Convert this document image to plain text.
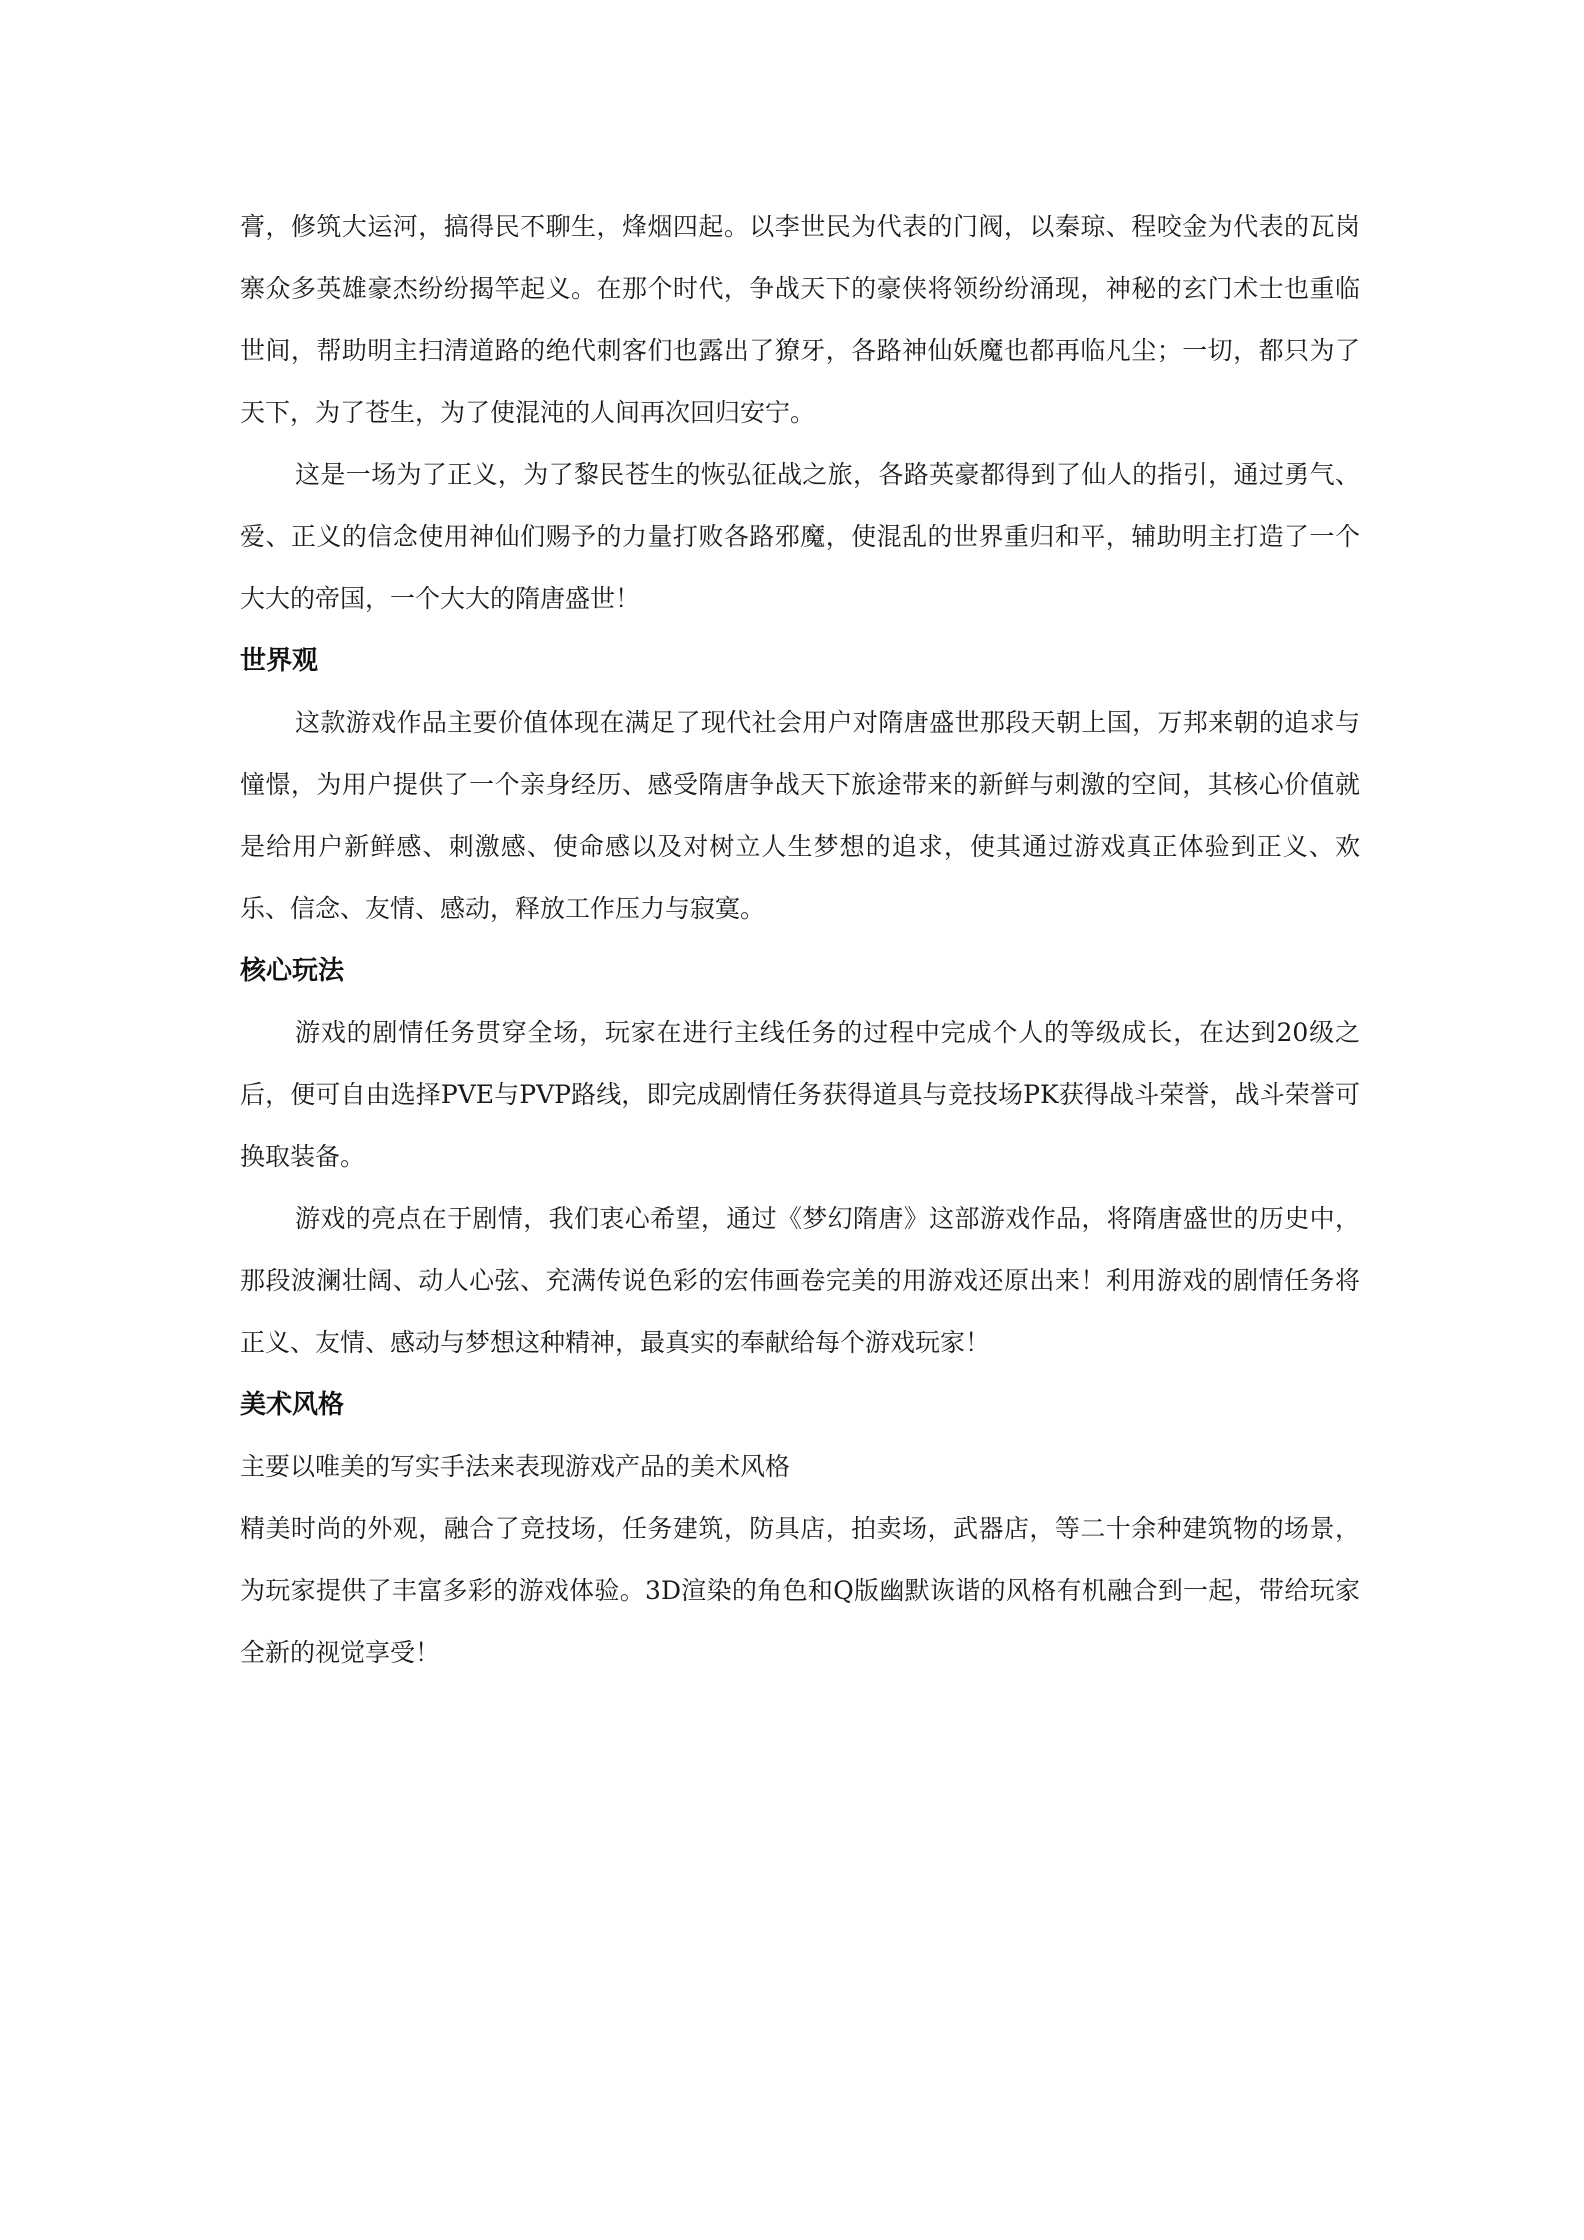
膏，修筑大运河，搞得民不聊生，烽烟四起。以李世民为代表的门阀，以秦琼、程咬金为代表的瓦岗寨众多英雄豪杰纷纷揭竿起义。在那个时代，争战天下的豪侠将领纷纷涌现，神秘的玄门术士也重临世间，帮助明主扫清道路的绝代刺客们也露出了獠牙，各路神仙妖魔也都再临凡尘；一切，都只为了天下，为了苍生，为了使混沌的人间再次回归安宁。

这是一场为了正义，为了黎民苍生的恢弘征战之旅，各路英豪都得到了仙人的指引，通过勇气、爱、正义的信念使用神仙们赐予的力量打败各路邪魔，使混乱的世界重归和平，辅助明主打造了一个大大的帝国，一个大大的隋唐盛世！

世界观

这款游戏作品主要价值体现在满足了现代社会用户对隋唐盛世那段天朝上国，万邦来朝的追求与憧憬，为用户提供了一个亲身经历、感受隋唐争战天下旅途带来的新鲜与刺激的空间，其核心价值就是给用户新鲜感、刺激感、使命感以及对树立人生梦想的追求，使其通过游戏真正体验到正义、欢乐、信念、友情、感动，释放工作压力与寂寞。

核心玩法

游戏的剧情任务贯穿全场，玩家在进行主线任务的过程中完成个人的等级成长，在达到20级之后，便可自由选择PVE与PVP路线，即完成剧情任务获得道具与竞技场PK获得战斗荣誉，战斗荣誉可换取装备。

游戏的亮点在于剧情，我们衷心希望，通过《梦幻隋唐》这部游戏作品，将隋唐盛世的历史中，那段波澜壮阔、动人心弦、充满传说色彩的宏伟画卷完美的用游戏还原出来！利用游戏的剧情任务将正义、友情、感动与梦想这种精神，最真实的奉献给每个游戏玩家！

美术风格

主要以唯美的写实手法来表现游戏产品的美术风格

精美时尚的外观，融合了竞技场，任务建筑，防具店，拍卖场，武器店，等二十余种建筑物的场景，为玩家提供了丰富多彩的游戏体验。3D渲染的角色和Q版幽默诙谐的风格有机融合到一起，带给玩家全新的视觉享受！
